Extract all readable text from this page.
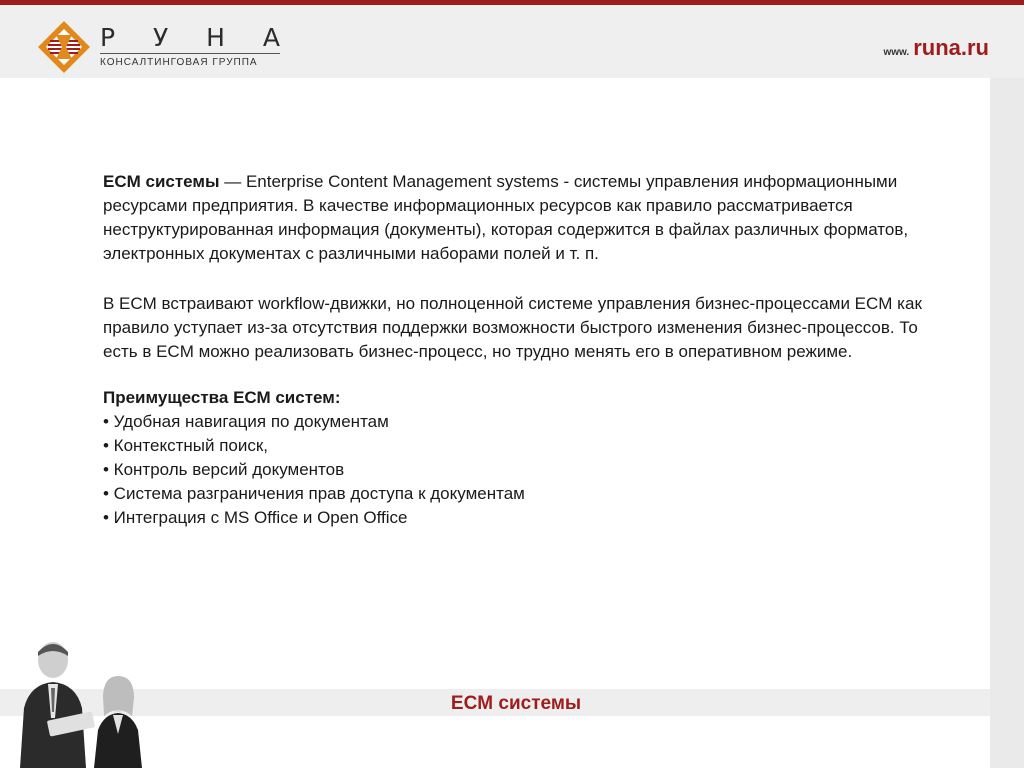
Р У Н А
КОНСАЛТИНГОВАЯ ГРУППА
www. runa.ru

ECM системы — Enterprise Content Management systems - системы управления информационными ресурсами предприятия. В качестве информационных ресурсов как правило рассматривается неструктурированная информация (документы), которая содержится в файлах различных форматов, электронных документах с различными наборами полей и т. п.

В ECM встраивают workflow-движки, но полноценной системе управления бизнес-процессами ECM как правило уступает из-за отсутствия поддержки возможности быстрого изменения бизнес-процессов. То есть в ECM можно реализовать бизнес-процесс, но трудно менять его в оперативном режиме.

Преимущества ЕСМ систем:

• Удобная навигация по документам
• Контекстный поиск,
• Контроль версий документов
• Система разграничения прав доступа к документам
• Интеграция с MS Office и Open Office
ECM системы
